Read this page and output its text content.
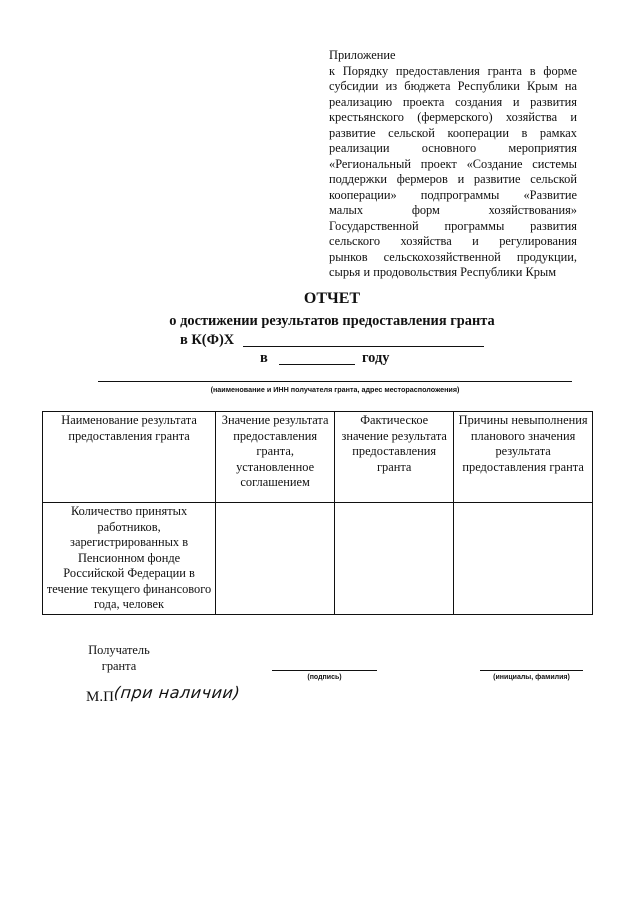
Приложение
к Порядку предоставления гранта в форме
субсидии из бюджета Республики Крым на
реализацию проекта создания и развития
крестьянского (фермерского) хозяйства и
развитие сельской кооперации в рамках
реализации основного мероприятия
«Региональный проект «Создание системы
поддержки фермеров и развитие сельской
кооперации» подпрограммы «Развитие
малых форм хозяйствования»
Государственной программы развития
сельского хозяйства и регулирования
рынков сельскохозяйственной продукции,
сырья и продовольствия Республики Крым
ОТЧЕТ
о достижении результатов предоставления гранта
в К(Ф)Х
в	году
(наименование и ИНН получателя гранта, адрес месторасположения)
Наименование результата предоставления гранта	Значение результата предоставления гранта, установленное соглашением	Фактическое значение результата предоставления гранта	Причины невыполнения планового значения результата предоставления гранта
Количество принятых работников, зарегистрированных в Пенсионном фонде Российской Федерации в течение текущего финансового года, человек			
Получатель гранта
(подпись)	(инициалы, фамилия)
М.П (при наличии)
